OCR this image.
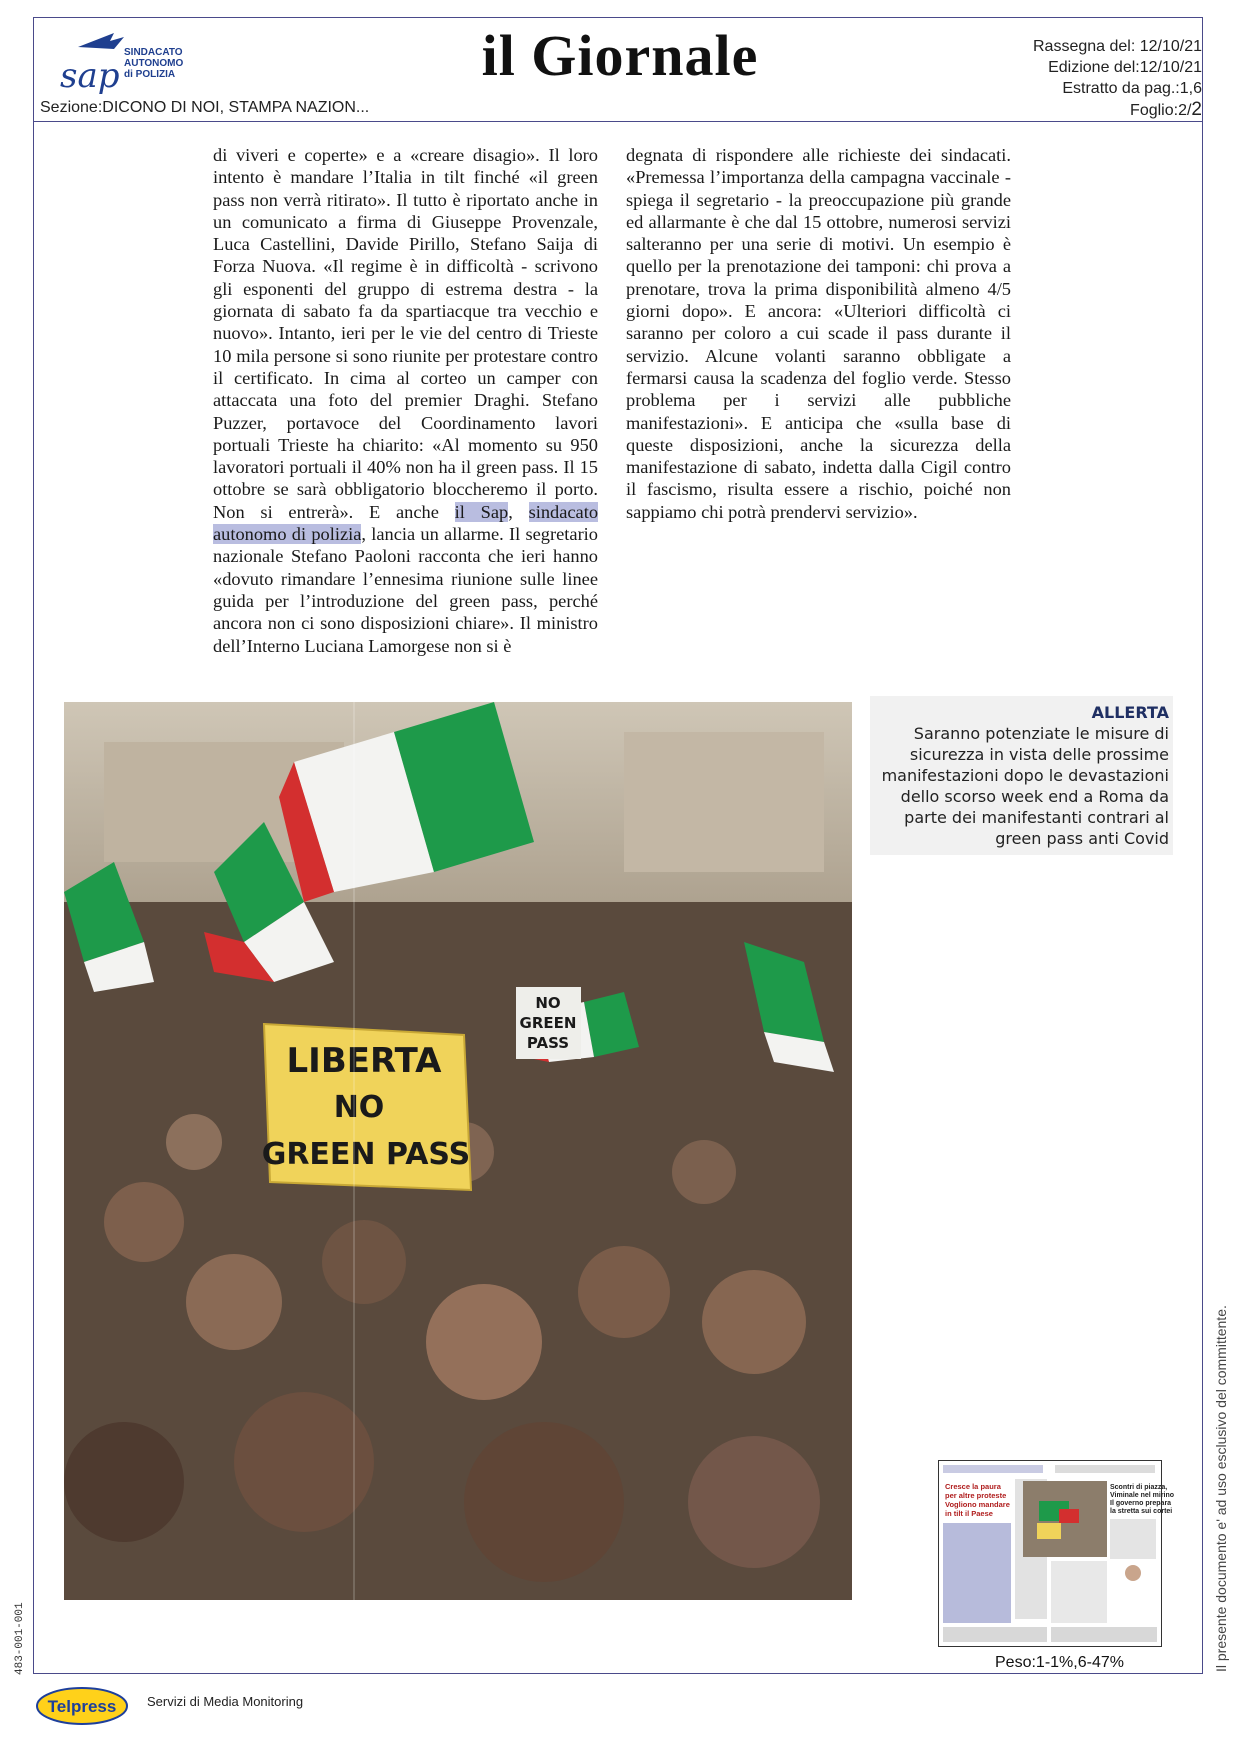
sap
SINDACATO
AUTONOMO
di POLIZIA	il Giornale	Rassegna del: 12/10/21
Edizione del:12/10/21
Estratto da pag.:1,6
Foglio:2/2
Sezione:DICONO DI NOI, STAMPA NAZION...
di viveri e coperte» e a «creare disagio». Il loro intento è mandare l’Italia in tilt finché «il green pass non verrà ritirato». Il tutto è riportato anche in un comunicato a firma di Giuseppe Provenzale, Luca Castellini, Davide Pirillo, Stefano Saija di Forza Nuova. «Il regime è in difficoltà - scrivono gli esponenti del gruppo di estrema destra - la giornata di sabato fa da spartiacque tra vecchio e nuovo». Intanto, ieri per le vie del centro di Trieste 10 mila persone si sono riunite per protestare contro il certificato. In cima al corteo un camper con attaccata una foto del premier Draghi. Stefano Puzzer, portavoce del Coordinamento lavori portuali Trieste ha chiarito: «Al momento su 950 lavoratori portuali il 40% non ha il green pass. Il 15 ottobre se sarà obbligatorio bloccheremo il porto. Non si entrerà». E anche il Sap, sindacato autonomo di polizia, lancia un allarme. Il segretario nazionale Stefano Paoloni racconta che ieri hanno «dovuto rimandare l’ennesima riunione sulle linee guida per l’introduzione del green pass, perché ancora non ci sono disposizioni chiare». Il ministro dell’Interno Luciana Lamorgese non si è
degnata di rispondere alle richieste dei sindacati. «Premessa l’importanza della campagna vaccinale - spiega il segretario - la preoccupazione più grande ed allarmante è che dal 15 ottobre, numerosi servizi salteranno per una serie di motivi. Un esempio è quello per la prenotazione dei tamponi: chi prova a prenotare, trova la prima disponibilità almeno 4/5 giorni dopo». E ancora: «Ulteriori difficoltà ci saranno per coloro a cui scade il pass durante il servizio. Alcune volanti saranno obbligate a fermarsi causa la scadenza del foglio verde. Stesso problema per i servizi alle pubbliche manifestazioni». E anticipa che «sulla base di queste disposizioni, anche la sicurezza della manifestazione di sabato, indetta dalla Cigil contro il fascismo, risulta essere a rischio, poiché non sappiamo chi potrà prendervi servizio».
NO
GREEN
PASS
LIBERTA
NO
GREEN PASS
ALLERTA
Saranno potenziate le misure di sicurezza in vista delle prossime manifestazioni dopo le devastazioni dello scorso week end a Roma da parte dei manifestanti contrari al green pass anti Covid
Cresce la paura
per altre proteste
Vogliono mandare
in tilt il Paese
Scontri di piazza,
Viminale nel mirino
Il governo prepara
la stretta sui cortei
Peso:1-1%,6-47%	Il presente documento e' ad uso esclusivo del committente.
483-001-001
Telpress Servizi di Media Monitoring
